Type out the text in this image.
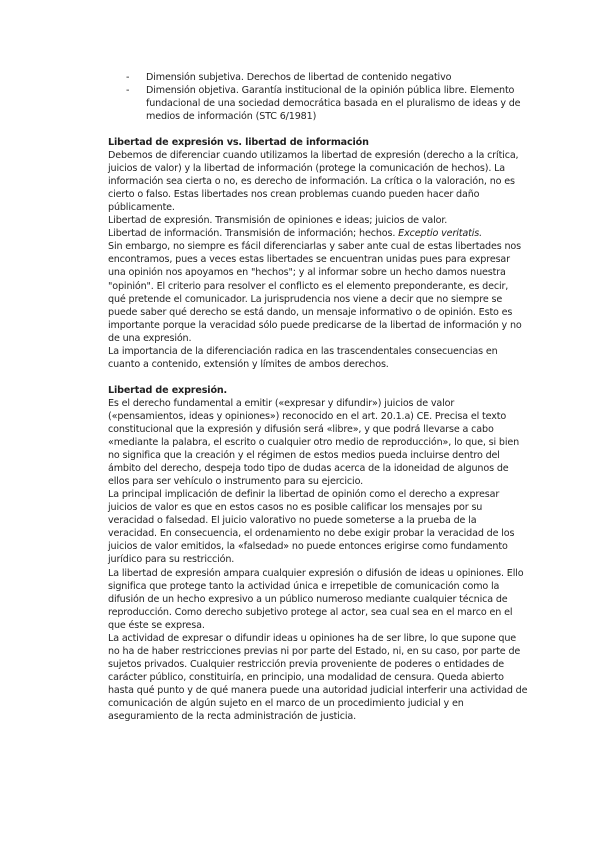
- Dimensión subjetiva. Derechos de libertad de contenido negativo
- Dimensión objetiva. Garantía institucional de la opinión pública libre. Elemento fundacional de una sociedad democrática basada en el pluralismo de ideas y de medios de información (STC 6/1981)

Libertad de expresión vs. libertad de información

Debemos de diferenciar cuando utilizamos la libertad de expresión (derecho a la crítica, juicios de valor) y la libertad de información (protege la comunicación de hechos). La información sea cierta o no, es derecho de información. La crítica o la valoración, no es cierto o falso. Estas libertades nos crean problemas cuando pueden hacer daño públicamente.

Libertad de expresión. Transmisión de opiniones e ideas; juicios de valor.

Libertad de información. Transmisión de información; hechos. Exceptio veritatis.

Sin embargo, no siempre es fácil diferenciarlas y saber ante cual de estas libertades nos encontramos, pues a veces estas libertades se encuentran unidas pues para expresar una opinión nos apoyamos en "hechos"; y al informar sobre un hecho damos nuestra "opinión". El criterio para resolver el conflicto es el elemento preponderante, es decir, qué pretende el comunicador. La jurisprudencia nos viene a decir que no siempre se puede saber qué derecho se está dando, un mensaje informativo o de opinión. Esto es importante porque la veracidad sólo puede predicarse de la libertad de información y no de una expresión.

La importancia de la diferenciación radica en las trascendentales consecuencias en cuanto a contenido, extensión y límites de ambos derechos.

Libertad de expresión.

Es el derecho fundamental a emitir («expresar y difundir») juicios de valor («pensamientos, ideas y opiniones») reconocido en el art. 20.1.a) CE. Precisa el texto constitucional que la expresión y difusión será «libre», y que podrá llevarse a cabo «mediante la palabra, el escrito o cualquier otro medio de reproducción», lo que, si bien no significa que la creación y el régimen de estos medios pueda incluirse dentro del ámbito del derecho, despeja todo tipo de dudas acerca de la idoneidad de algunos de ellos para ser vehículo o instrumento para su ejercicio.

La principal implicación de definir la libertad de opinión como el derecho a expresar juicios de valor es que en estos casos no es posible calificar los mensajes por su veracidad o falsedad. El juicio valorativo no puede someterse a la prueba de la veracidad. En consecuencia, el ordenamiento no debe exigir probar la veracidad de los juicios de valor emitidos, la «falsedad» no puede entonces erigirse como fundamento jurídico para su restricción.

La libertad de expresión ampara cualquier expresión o difusión de ideas u opiniones. Ello significa que protege tanto la actividad única e irrepetible de comunicación como la difusión de un hecho expresivo a un público numeroso mediante cualquier técnica de reproducción. Como derecho subjetivo protege al actor, sea cual sea en el marco en el que éste se expresa.

La actividad de expresar o difundir ideas u opiniones ha de ser libre, lo que supone que no ha de haber restricciones previas ni por parte del Estado, ni, en su caso, por parte de sujetos privados. Cualquier restricción previa proveniente de poderes o entidades de carácter público, constituiría, en principio, una modalidad de censura. Queda abierto hasta qué punto y de qué manera puede una autoridad judicial interferir una actividad de comunicación de algún sujeto en el marco de un procedimiento judicial y en aseguramiento de la recta administración de justicia.
